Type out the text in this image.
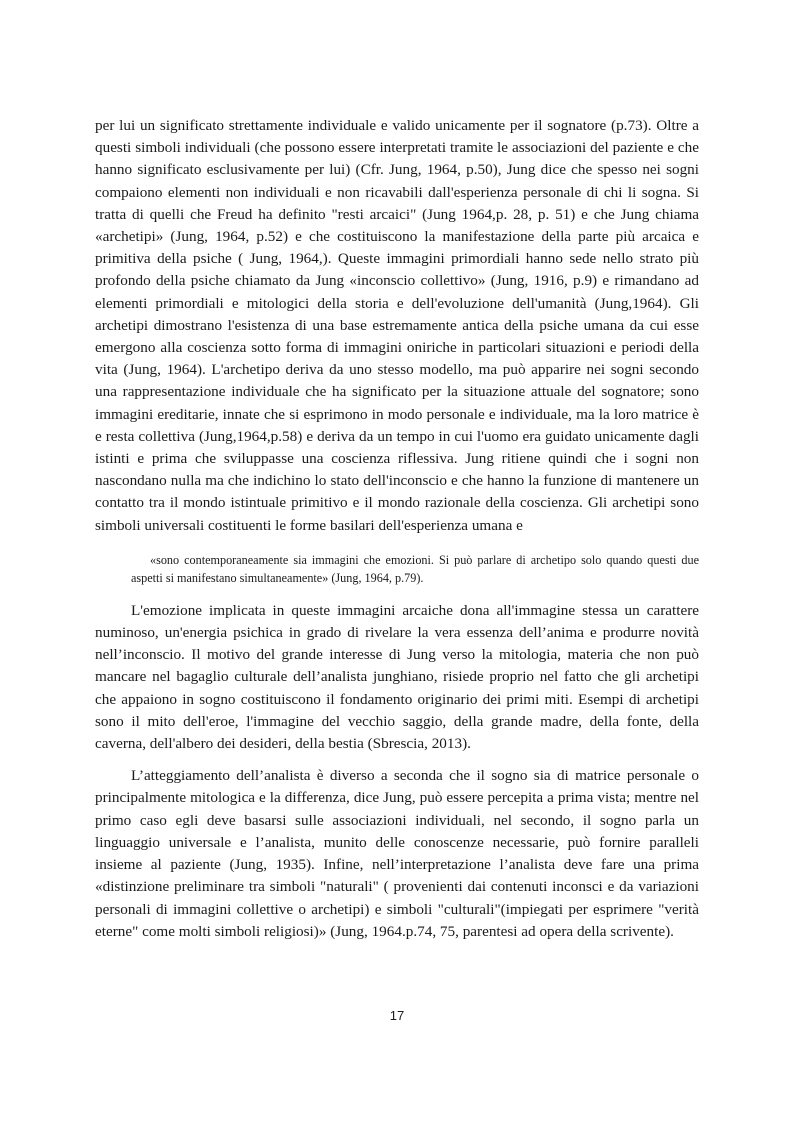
per lui un significato strettamente individuale e valido unicamente per il sognatore (p.73). Oltre a questi simboli individuali (che possono essere interpretati tramite le associazioni del paziente e che hanno significato esclusivamente per lui) (Cfr. Jung, 1964, p.50), Jung dice che spesso nei sogni compaiono elementi non individuali e non ricavabili dall'esperienza personale di chi li sogna. Si tratta di quelli che Freud ha definito "resti arcaici" (Jung 1964,p. 28, p. 51) e che Jung chiama «archetipi» (Jung, 1964, p.52) e che costituiscono la manifestazione della parte più arcaica e primitiva della psiche ( Jung, 1964,). Queste immagini primordiali hanno sede nello strato più profondo della psiche chiamato da Jung «inconscio collettivo» (Jung, 1916, p.9) e rimandano ad elementi primordiali e mitologici della storia e dell'evoluzione dell'umanità (Jung,1964). Gli archetipi dimostrano l'esistenza di una base estremamente antica della psiche umana da cui esse emergono alla coscienza sotto forma di immagini oniriche in particolari situazioni e periodi della vita (Jung, 1964). L'archetipo deriva da uno stesso modello, ma può apparire nei sogni secondo una rappresentazione individuale che ha significato per la situazione attuale del sognatore; sono immagini ereditarie, innate che si esprimono in modo personale e individuale, ma la loro matrice è e resta collettiva (Jung,1964,p.58) e deriva da un tempo in cui l'uomo era guidato unicamente dagli istinti e prima che sviluppasse una coscienza riflessiva. Jung ritiene quindi che i sogni non nascondano nulla ma che indichino lo stato dell'inconscio e che hanno la funzione di mantenere un contatto tra il mondo istintuale primitivo e il mondo razionale della coscienza. Gli archetipi sono simboli universali costituenti le forme basilari dell'esperienza umana e

«sono contemporaneamente sia immagini che emozioni. Si può parlare di archetipo solo quando questi due aspetti si manifestano simultaneamente» (Jung, 1964, p.79).

L'emozione implicata in queste immagini arcaiche dona all'immagine stessa un carattere numinoso, un'energia psichica in grado di rivelare la vera essenza dell’anima e produrre novità nell’inconscio. Il motivo del grande interesse di Jung verso la mitologia, materia che non può mancare nel bagaglio culturale dell’analista junghiano, risiede proprio nel fatto che gli archetipi che appaiono in sogno costituiscono il fondamento originario dei primi miti. Esempi di archetipi sono il mito dell'eroe, l'immagine del vecchio saggio, della grande madre, della fonte, della caverna, dell'albero dei desideri, della bestia (Sbrescia, 2013).

L’atteggiamento dell’analista è diverso a seconda che il sogno sia di matrice personale o principalmente mitologica e la differenza, dice Jung, può essere percepita a prima vista; mentre nel primo caso egli deve basarsi sulle associazioni individuali, nel secondo, il sogno parla un linguaggio universale e l’analista, munito delle conoscenze necessarie, può fornire paralleli insieme al paziente (Jung, 1935). Infine, nell’interpretazione l’analista deve fare una prima «distinzione preliminare tra simboli "naturali" ( provenienti dai contenuti inconsci e da variazioni personali di immagini collettive o archetipi) e simboli "culturali"(impiegati per esprimere "verità eterne" come molti simboli religiosi)» (Jung, 1964.p.74, 75, parentesi ad opera della scrivente).

17
